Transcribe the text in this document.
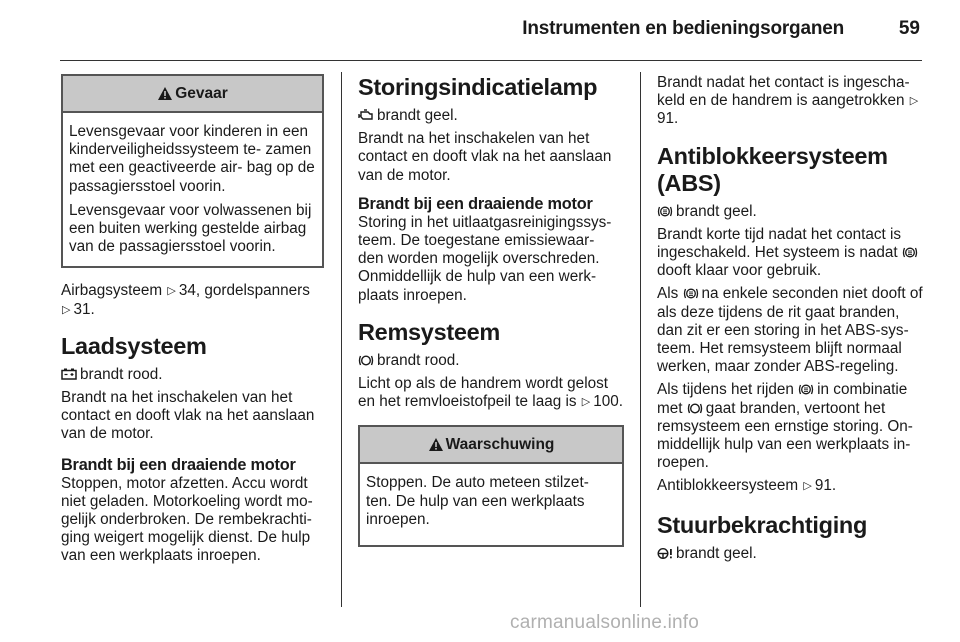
Instrumenten en bedieningsorganen	59
Gevaar

Levensgevaar voor kinderen in een kinderveiligheidssysteem te- zamen met een geactiveerde air- bag op de passagiersstoel voorin.

Levensgevaar voor volwassenen bij een buiten werking gestelde airbag van de passagiersstoel voorin.

Airbagsysteem ▷ 34, gordelspanners ▷ 31.

Laadsysteem

brandt rood.

Brandt na het inschakelen van het contact en dooft vlak na het aanslaan van de motor.

Brandt bij een draaiende motor

Stoppen, motor afzetten. Accu wordt niet geladen. Motorkoeling wordt mo- gelijk onderbroken. De rembekrachti- ging weigert mogelijk dienst. De hulp van een werkplaats inroepen.

Storingsindicatielamp

brandt geel.

Brandt na het inschakelen van het contact en dooft vlak na het aanslaan van de motor.

Brandt bij een draaiende motor

Storing in het uitlaatgasreinigingssys- teem. De toegestane emissiewaar- den worden mogelijk overschreden. Onmiddellijk de hulp van een werk- plaats inroepen.

Remsysteem

brandt rood.

Licht op als de handrem wordt gelost en het remvloeistofpeil te laag is ▷ 100.

Waarschuwing

Stoppen. De auto meteen stilzet- ten. De hulp van een werkplaats inroepen.

Brandt nadat het contact is ingescha- keld en de handrem is aangetrokken ▷91.

Antiblokkeersysteem (ABS)

brandt geel.

Brandt korte tijd nadat het contact is ingeschakeld. Het systeem is nadat dooft klaar voor gebruik.

Als na enkele seconden niet dooft of als deze tijdens de rit gaat branden, dan zit er een storing in het ABS-sys- teem. Het remsysteem blijft normaal werken, maar zonder ABS-regeling.

Als tijdens het rijden in combinatie met gaat branden, vertoont het remsysteem een ernstige storing. On- middellijk hulp van een werkplaats in- roepen.

Antiblokkeersysteem ▷ 91.

Stuurbekrachtiging

brandt geel.

carmanualsonline.info
